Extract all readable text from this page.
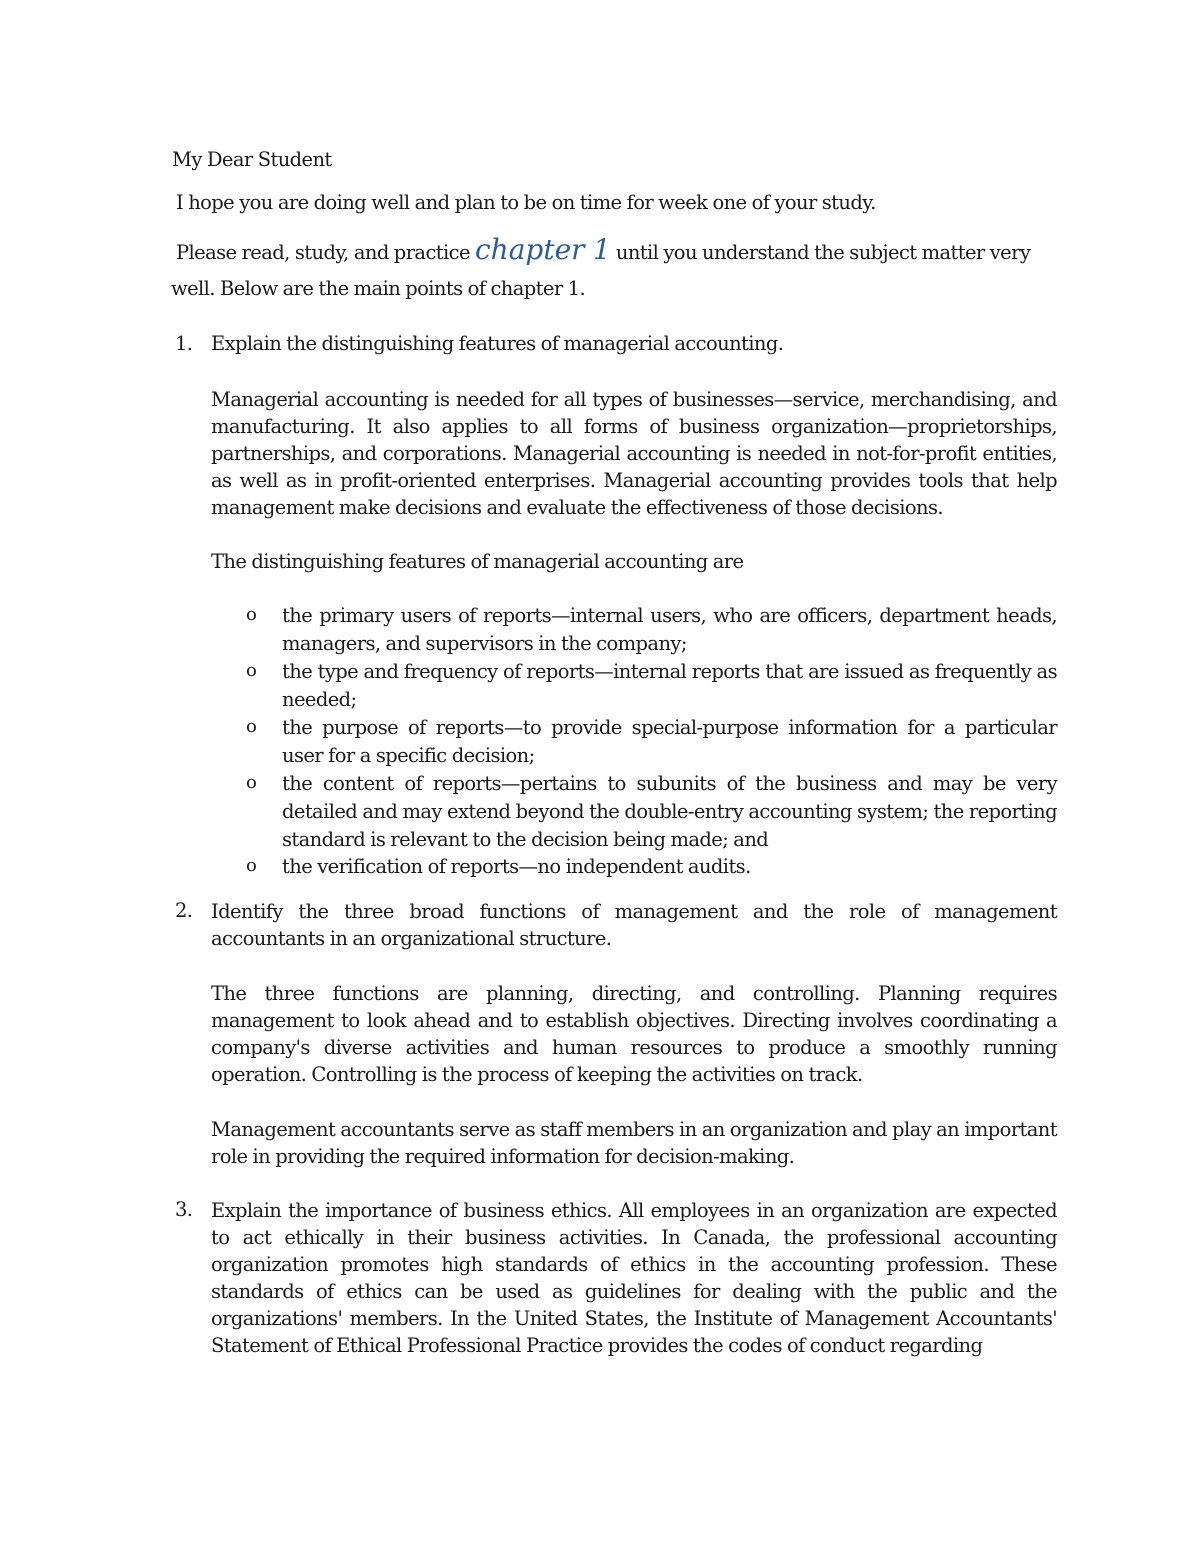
My Dear Student
I hope you are doing well and plan to be on time for week one of your study.
Please read, study, and practice chapter 1 until you understand the subject matter very well. Below are the main points of chapter 1.
1. Explain the distinguishing features of managerial accounting.
Managerial accounting is needed for all types of businesses—service, merchandising, and manufacturing. It also applies to all forms of business organization—proprietorships, partnerships, and corporations. Managerial accounting is needed in not-for-profit entities, as well as in profit-oriented enterprises. Managerial accounting provides tools that help management make decisions and evaluate the effectiveness of those decisions.
The distinguishing features of managerial accounting are
o the primary users of reports—internal users, who are officers, department heads, managers, and supervisors in the company;
o the type and frequency of reports—internal reports that are issued as frequently as needed;
o the purpose of reports—to provide special-purpose information for a particular user for a specific decision;
o the content of reports—pertains to subunits of the business and may be very detailed and may extend beyond the double-entry accounting system; the reporting standard is relevant to the decision being made; and
o the verification of reports—no independent audits.
2. Identify the three broad functions of management and the role of management accountants in an organizational structure.
The three functions are planning, directing, and controlling. Planning requires management to look ahead and to establish objectives. Directing involves coordinating a company's diverse activities and human resources to produce a smoothly running operation. Controlling is the process of keeping the activities on track.
Management accountants serve as staff members in an organization and play an important role in providing the required information for decision-making.
3. Explain the importance of business ethics. All employees in an organization are expected to act ethically in their business activities. In Canada, the professional accounting organization promotes high standards of ethics in the accounting profession. These standards of ethics can be used as guidelines for dealing with the public and the organizations' members. In the United States, the Institute of Management Accountants' Statement of Ethical Professional Practice provides the codes of conduct regarding
